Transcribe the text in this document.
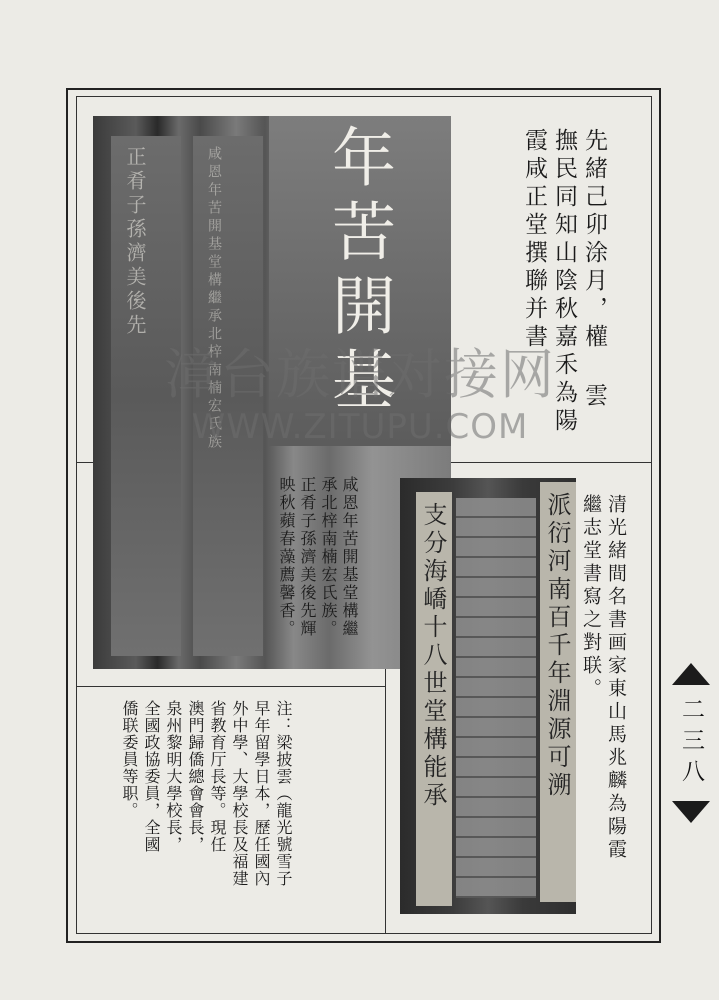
正肴子孫濟美後先	咸恩年苦開基堂構繼承北梓南楠宏氏族 年苦開基
支分海嶠十八世堂構能承	派衍河南百千年淵源可溯
先緒己卯涂月，權 雲
撫民同知山陰秋嘉禾為陽
霞咸正堂撰聯并書
咸恩年苦開基堂構繼
承北梓南楠宏氏族。
正肴子孫濟美後先輝
映秋蘋春藻薦馨香。	清光緒間名書画家東山馬兆麟為陽霞
繼志堂書寫之對联。
注：梁披雲（龍光號雪子
早年留學日本，歷任國內
外中學、大學校長及福建
省教育厅長等。現任
澳門歸僑總會會長，
泉州黎明大學校長，
全國政協委員，全國
僑联委員等职。	二三八
漳台族谱对接网
WWW.ZITUPU.COM
